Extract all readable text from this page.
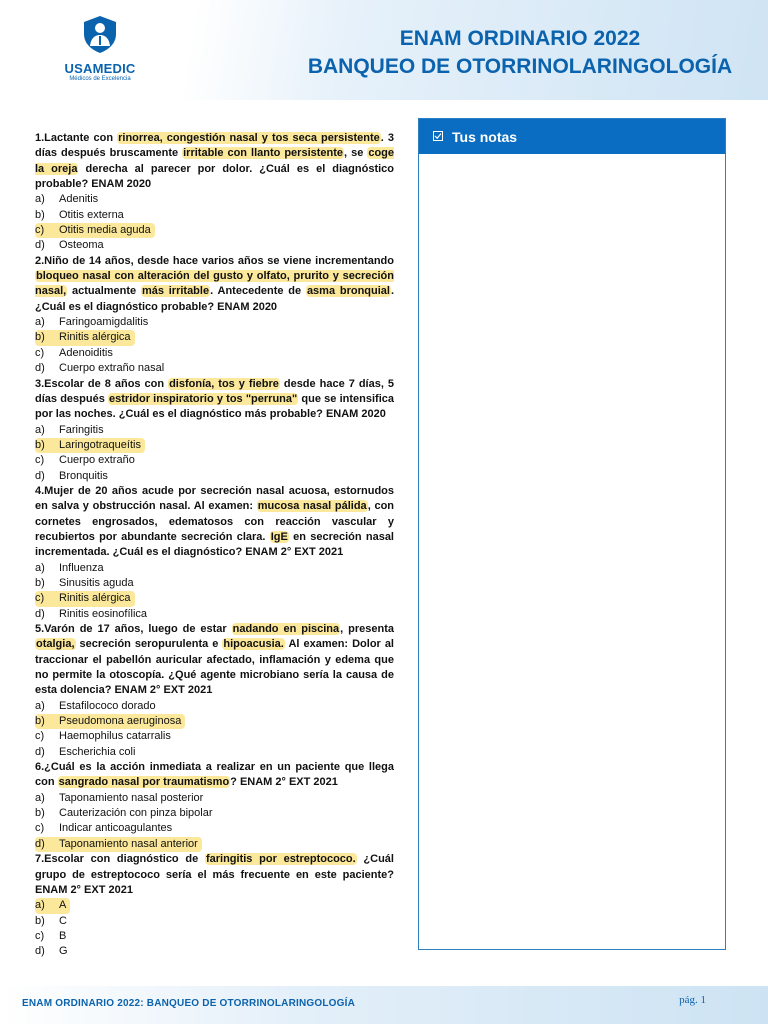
USAMEDIC
Médicos de Excelencia
ENAM ORDINARIO 2022
BANQUEO DE OTORRINOLARINGOLOGÍA
1.Lactante con rinorrea, congestión nasal y tos seca persistente. 3 días después bruscamente irritable con llanto persistente, se coge la oreja derecha al parecer por dolor. ¿Cuál es el diagnóstico probable? ENAM 2020
a)	Adenitis
b)	Otitis externa
c)	Otitis media aguda
d)	Osteoma
2.Niño de 14 años, desde hace varios años se viene incrementando bloqueo nasal con alteración del gusto y olfato, prurito y secreción nasal, actualmente más irritable. Antecedente de asma bronquial. ¿Cuál es el diagnóstico probable? ENAM 2020
a)	Faringoamigdalitis
b)	Rinitis alérgica
c)	Adenoiditis
d)	Cuerpo extraño nasal
3.Escolar de 8 años con disfonía, tos y fiebre desde hace 7 días, 5 días después estridor inspiratorio y tos "perruna" que se intensifica por las noches. ¿Cuál es el diagnóstico más probable? ENAM 2020
a)	Faringitis
b)	Laringotraqueítis
c)	Cuerpo extraño
d)	Bronquitis
4.Mujer de 20 años acude por secreción nasal acuosa, estornudos en salva y obstrucción nasal. Al examen: mucosa nasal pálida, con cornetes engrosados, edematosos con reacción vascular y recubiertos por abundante secreción clara. IgE en secreción nasal incrementada. ¿Cuál es el diagnóstico? ENAM 2° EXT 2021
a)	Influenza
b)	Sinusitis aguda
c)	Rinitis alérgica
d)	Rinitis eosinofílica
5.Varón de 17 años, luego de estar nadando en piscina, presenta otalgia, secreción seropurulenta e hipoacusia. Al examen: Dolor al traccionar el pabellón auricular afectado, inflamación y edema que no permite la otoscopía. ¿Qué agente microbiano sería la causa de esta dolencia? ENAM 2° EXT 2021
a)	Estafilococo dorado
b)	Pseudomona aeruginosa
c)	Haemophilus catarralis
d)	Escherichia coli
6.¿Cuál es la acción inmediata a realizar en un paciente que llega con sangrado nasal por traumatismo? ENAM 2° EXT 2021
a)	Taponamiento nasal posterior
b)	Cauterización con pinza bipolar
c)	Indicar anticoagulantes
d)	Taponamiento nasal anterior
7.Escolar con diagnóstico de faringitis por estreptococo. ¿Cuál grupo de estreptococo sería el más frecuente en este paciente? ENAM 2° EXT 2021
a)	A
b)	C
c)	B
d)	G
Tus notas
ENAM ORDINARIO 2022: BANQUEO DE OTORRINOLARINGOLOGÍA	pág. 1
